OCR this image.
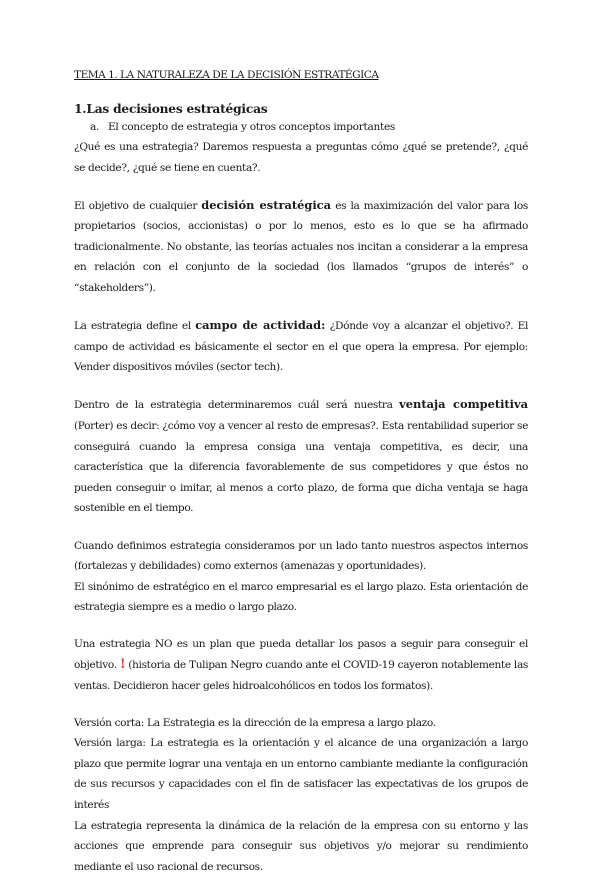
TEMA 1. LA NATURALEZA DE LA DECISIÓN ESTRATÉGICA
1.Las decisiones estratégicas
a. El concepto de estrategia y otros conceptos importantes

¿Qué es una estrategia? Daremos respuesta a preguntas cómo ¿qué se pretende?, ¿qué se decide?, ¿qué se tiene en cuenta?.

El objetivo de cualquier decisión estratégica es la maximización del valor para los propietarios (socios, accionistas) o por lo menos, esto es lo que se ha afirmado tradicionalmente. No obstante, las teorías actuales nos incitan a considerar a la empresa en relación con el conjunto de la sociedad (los llamados “grupos de interés” o “stakeholders”).

La estrategia define el campo de actividad: ¿Dónde voy a alcanzar el objetivo?. El campo de actividad es básicamente el sector en el que opera la empresa. Por ejemplo: Vender dispositivos móviles (sector tech).

Dentro de la estrategia determinaremos cuál será nuestra ventaja competitiva (Porter) es decir: ¿cómo voy a vencer al resto de empresas?. Esta rentabilidad superior se conseguirá cuando la empresa consiga una ventaja competitiva, es decir, una característica que la diferencia favorablemente de sus competidores y que éstos no pueden conseguir o imitar, al menos a corto plazo, de forma que dicha ventaja se haga sostenible en el tiempo.

Cuando definimos estrategia consideramos por un lado tanto nuestros aspectos internos (fortalezas y debilidades) como externos (amenazas y oportunidades).

El sinónimo de estratégico en el marco empresarial es el largo plazo. Esta orientación de estrategia siempre es a medio o largo plazo.

Una estrategia NO es un plan que pueda detallar los pasos a seguir para conseguir el objetivo. ! (historia de Tulipan Negro cuando ante el COVID-19 cayeron notablemente las ventas. Decidieron hacer geles hidroalcohólicos en todos los formatos).

Versión corta: La Estrategia es la dirección de la empresa a largo plazo.

Versión larga: La estrategia es la orientación y el alcance de una organización a largo plazo que permite lograr una ventaja en un entorno cambiante mediante la configuración de sus recursos y capacidades con el fin de satisfacer las expectativas de los grupos de interés

La estrategia representa la dinámica de la relación de la empresa con su entorno y las acciones que emprende para conseguir sus objetivos y/o mejorar su rendimiento mediante el uso racional de recursos.
